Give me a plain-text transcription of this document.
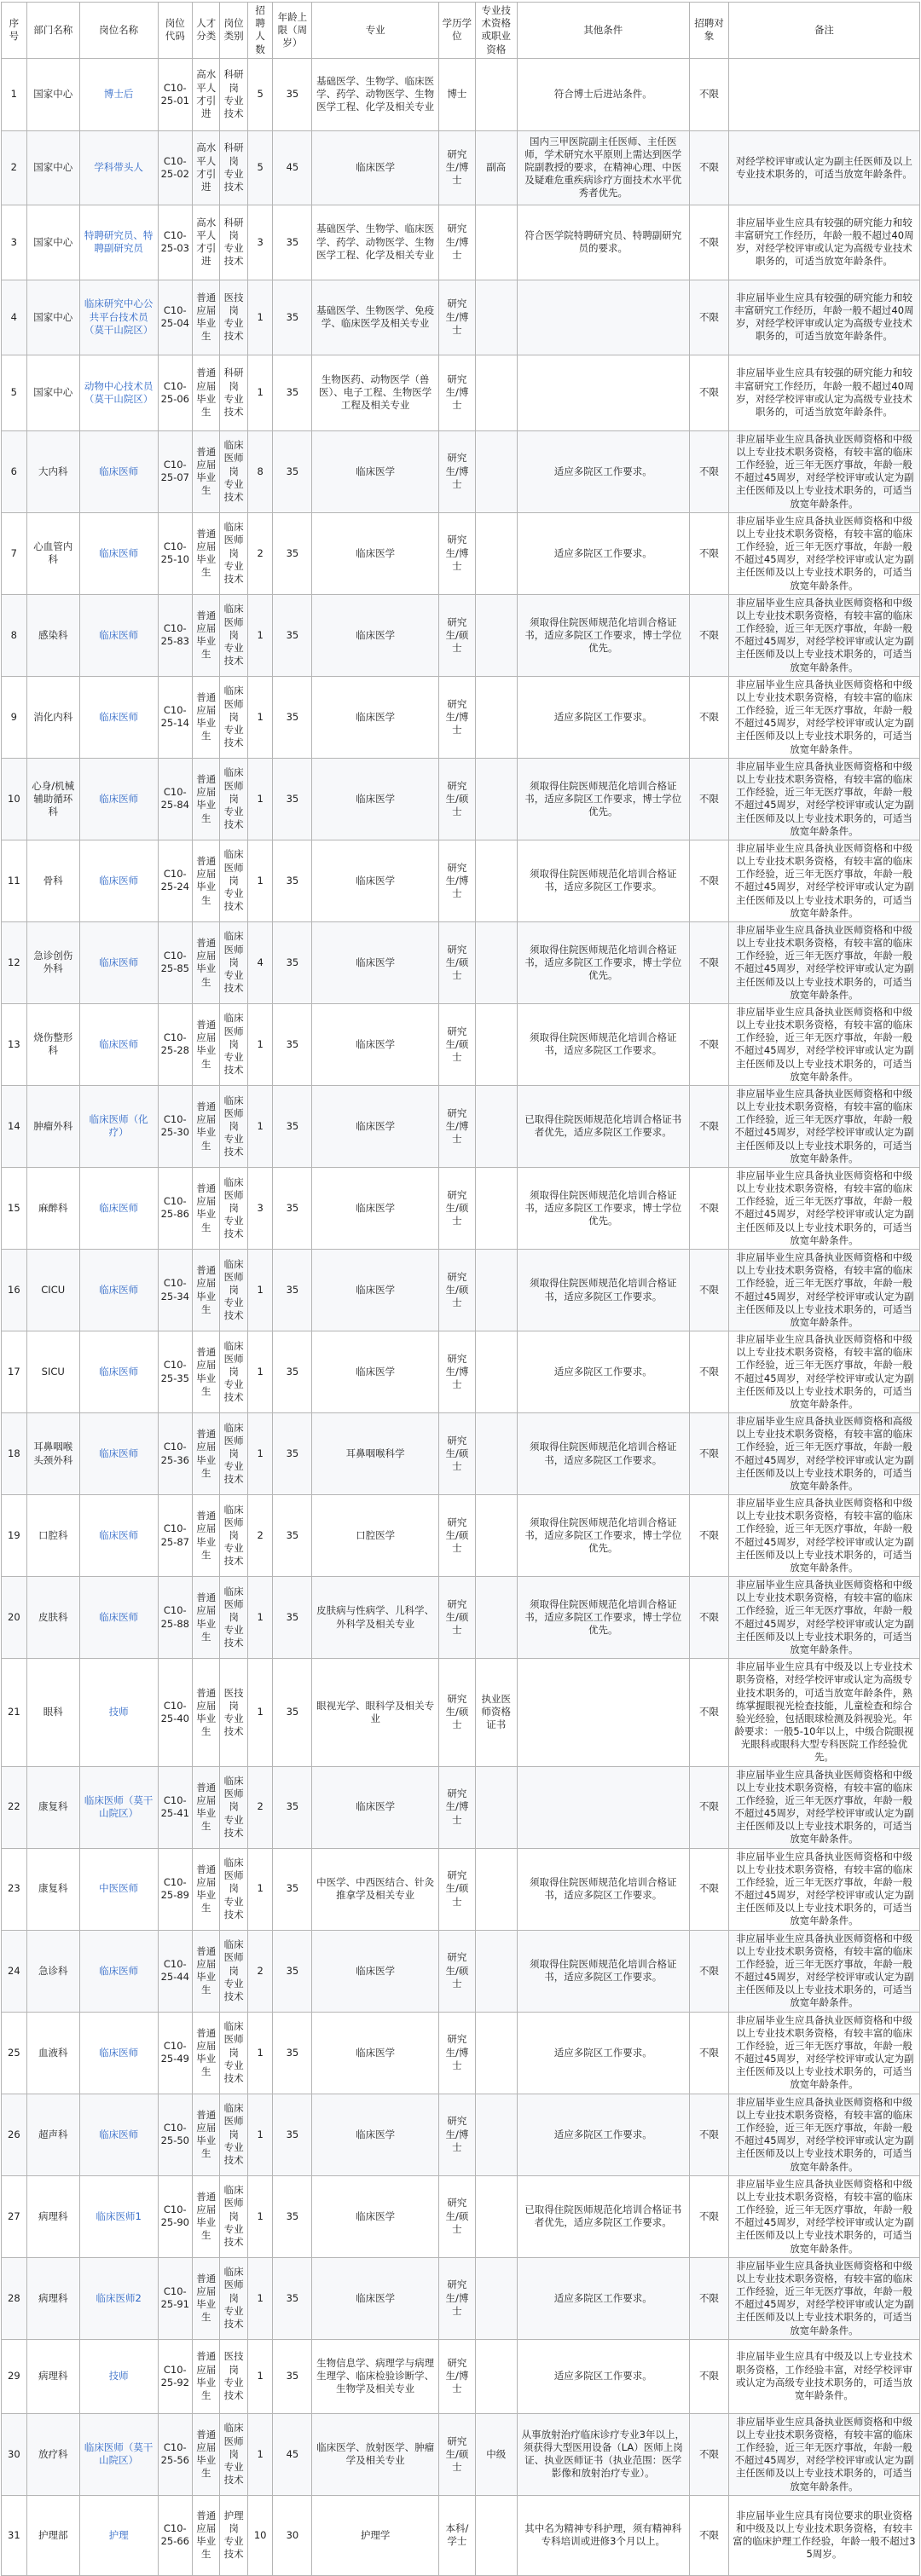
序号	部门名称	岗位名称	岗位代码	人才分类	岗位类别	招聘人数	年龄上限（周岁）	专业	学历学位	专业技术资格或职业资格	其他条件	招聘对象	备注
1	国家中心	博士后	C10-25-01	高水平人才引进	科研岗 专业技术	5	35	基础医学、生物学、临床医学、药学、动物医学、生物医学工程、化学及相关专业	博士		符合博士后进站条件。	不限	
2	国家中心	学科带头人	C10-25-02	高水平人才引进	科研岗 专业技术	5	45	临床医学	研究生/博士	副高	国内三甲医院副主任医师、主任医师，学术研究水平原则上需达到医学院副教授的要求，在精神心理、中医及疑难危重疾病诊疗方面技术水平优秀者优先。	不限	对经学校评审或认定为副主任医师及以上专业技术职务的，可适当放宽年龄条件。
3	国家中心	特聘研究员、特聘副研究员	C10-25-03	高水平人才引进	科研岗 专业技术	3	35	基础医学、生物学、临床医学、药学、动物医学、生物医学工程、化学及相关专业	研究生/博士		符合医学院特聘研究员、特聘副研究员的要求。	不限	非应届毕业生应具有较强的研究能力和较丰富研究工作经历，年龄一般不超过40周岁，对经学校评审或认定为高级专业技术职务的，可适当放宽年龄条件。
4	国家中心	临床研究中心公共平台技术员（莫干山院区）	C10-25-04	普通应届毕业生	医技岗 专业技术	1	35	基础医学、生物医学、免疫学、临床医学及相关专业	研究生/博士			不限	非应届毕业生应具有较强的研究能力和较丰富研究工作经历，年龄一般不超过40周岁，对经学校评审或认定为高级专业技术职务的，可适当放宽年龄条件。
5	国家中心	动物中心技术员（莫干山院区）	C10-25-06	普通应届毕业生	科研岗 专业技术	1	35	生物医药、动物医学（兽医）、电子工程、生物医学工程及相关专业	研究生/博士			不限	非应届毕业生应具有较强的研究能力和较丰富研究工作经历，年龄一般不超过40周岁，对经学校评审或认定为高级专业技术职务的，可适当放宽年龄条件。
6	大内科	临床医师	C10-25-07	普通应届毕业生	临床医师岗 专业技术	8	35	临床医学	研究生/博士		适应多院区工作要求。	不限	非应届毕业生应具备执业医师资格和中级以上专业技术职务资格，有较丰富的临床工作经验，近三年无医疗事故，年龄一般不超过45周岁，对经学校评审或认定为副主任医师及以上专业技术职务的，可适当放宽年龄条件。
7	心血管内科	临床医师	C10-25-10	普通应届毕业生	临床医师岗 专业技术	2	35	临床医学	研究生/博士		适应多院区工作要求。	不限	非应届毕业生应具备执业医师资格和中级以上专业技术职务资格，有较丰富的临床工作经验，近三年无医疗事故，年龄一般不超过45周岁，对经学校评审或认定为副主任医师及以上专业技术职务的，可适当放宽年龄条件。
8	感染科	临床医师	C10-25-83	普通应届毕业生	临床医师岗 专业技术	1	35	临床医学	研究生/硕士		须取得住院医师规范化培训合格证书，适应多院区工作要求，博士学位优先。	不限	非应届毕业生应具备执业医师资格和中级以上专业技术职务资格，有较丰富的临床工作经验，近三年无医疗事故，年龄一般不超过45周岁，对经学校评审或认定为副主任医师及以上专业技术职务的，可适当放宽年龄条件。
9	消化内科	临床医师	C10-25-14	普通应届毕业生	临床医师岗 专业技术	1	35	临床医学	研究生/博士		适应多院区工作要求。	不限	非应届毕业生应具备执业医师资格和中级以上专业技术职务资格，有较丰富的临床工作经验，近三年无医疗事故，年龄一般不超过45周岁，对经学校评审或认定为副主任医师及以上专业技术职务的，可适当放宽年龄条件。
10	心身/机械辅助循环科	临床医师	C10-25-84	普通应届毕业生	临床医师岗 专业技术	1	35	临床医学	研究生/硕士		须取得住院医师规范化培训合格证书，适应多院区工作要求，博士学位优先。	不限	非应届毕业生应具备执业医师资格和中级以上专业技术职务资格，有较丰富的临床工作经验，近三年无医疗事故，年龄一般不超过45周岁，对经学校评审或认定为副主任医师及以上专业技术职务的，可适当放宽年龄条件。
11	骨科	临床医师	C10-25-24	普通应届毕业生	临床医师岗 专业技术	1	35	临床医学	研究生/博士		须取得住院医师规范化培训合格证书，适应多院区工作要求。	不限	非应届毕业生应具备执业医师资格和中级以上专业技术职务资格，有较丰富的临床工作经验，近三年无医疗事故，年龄一般不超过45周岁，对经学校评审或认定为副主任医师及以上专业技术职务的，可适当放宽年龄条件。
12	急诊创伤外科	临床医师	C10-25-85	普通应届毕业生	临床医师岗 专业技术	4	35	临床医学	研究生/硕士		须取得住院医师规范化培训合格证书，适应多院区工作要求，博士学位优先。	不限	非应届毕业生应具备执业医师资格和中级以上专业技术职务资格，有较丰富的临床工作经验，近三年无医疗事故，年龄一般不超过45周岁，对经学校评审或认定为副主任医师及以上专业技术职务的，可适当放宽年龄条件。
13	烧伤整形科	临床医师	C10-25-28	普通应届毕业生	临床医师岗 专业技术	1	35	临床医学	研究生/硕士		须取得住院医师规范化培训合格证书，适应多院区工作要求。	不限	非应届毕业生应具备执业医师资格和中级以上专业技术职务资格，有较丰富的临床工作经验，近三年无医疗事故，年龄一般不超过45周岁，对经学校评审或认定为副主任医师及以上专业技术职务的，可适当放宽年龄条件。
14	肿瘤外科	临床医师（化疗）	C10-25-30	普通应届毕业生	临床医师岗 专业技术	1	35	临床医学	研究生/博士		已取得住院医师规范化培训合格证书者优先，适应多院区工作要求。	不限	非应届毕业生应具备执业医师资格和中级以上专业技术职务资格，有较丰富的临床工作经验，近三年无医疗事故，年龄一般不超过45周岁，对经学校评审或认定为副主任医师及以上专业技术职务的，可适当放宽年龄条件。
15	麻醉科	临床医师	C10-25-86	普通应届毕业生	临床医师岗 专业技术	3	35	临床医学	研究生/硕士		须取得住院医师规范化培训合格证书，适应多院区工作要求，博士学位优先。	不限	非应届毕业生应具备执业医师资格和中级以上专业技术职务资格，有较丰富的临床工作经验，近三年无医疗事故，年龄一般不超过45周岁，对经学校评审或认定为副主任医师及以上专业技术职务的，可适当放宽年龄条件。
16	CICU	临床医师	C10-25-34	普通应届毕业生	临床医师岗 专业技术	1	35	临床医学	研究生/硕士		须取得住院医师规范化培训合格证书，适应多院区工作要求。	不限	非应届毕业生应具备执业医师资格和中级以上专业技术职务资格，有较丰富的临床工作经验，近三年无医疗事故，年龄一般不超过45周岁，对经学校评审或认定为副主任医师及以上专业技术职务的，可适当放宽年龄条件。
17	SICU	临床医师	C10-25-35	普通应届毕业生	临床医师岗 专业技术	1	35	临床医学	研究生/博士		适应多院区工作要求。	不限	非应届毕业生应具备执业医师资格和中级以上专业技术职务资格，有较丰富的临床工作经验，近三年无医疗事故，年龄一般不超过45周岁，对经学校评审或认定为副主任医师及以上专业技术职务的，可适当放宽年龄条件。
18	耳鼻咽喉头颈外科	临床医师	C10-25-36	普通应届毕业生	临床医师岗 专业技术	1	35	耳鼻咽喉科学	研究生/硕士		须取得住院医师规范化培训合格证书，适应多院区工作要求。	不限	非应届毕业生应具备执业医师资格和高级以上专业技术职务资格，有较丰富的临床工作经验，近三年无医疗事故，年龄一般不超过45周岁，对经学校评审或认定为副主任医师及以上专业技术职务的，可适当放宽年龄条件。
19	口腔科	临床医师	C10-25-87	普通应届毕业生	临床医师岗 专业技术	2	35	口腔医学	研究生/硕士		须取得住院医师规范化培训合格证书，适应多院区工作要求，博士学位优先。	不限	非应届毕业生应具备执业医师资格和中级以上专业技术职务资格，有较丰富的临床工作经验，近三年无医疗事故，年龄一般不超过45周岁，对经学校评审或认定为副主任医师及以上专业技术职务的，可适当放宽年龄条件。
20	皮肤科	临床医师	C10-25-88	普通应届毕业生	临床医师岗 专业技术	1	35	皮肤病与性病学、儿科学、外科学及相关专业	研究生/硕士		须取得住院医师规范化培训合格证书，适应多院区工作要求，博士学位优先。	不限	非应届毕业生应具备执业医师资格和中级以上专业技术职务资格，有较丰富的临床工作经验，近三年无医疗事故，年龄一般不超过45周岁，对经学校评审或认定为副主任医师及以上专业技术职务的，可适当放宽年龄条件。
21	眼科	技师	C10-25-40	普通应届毕业生	医技岗 专业技术	1	35	眼视光学、眼科学及相关专业	研究生/硕士	执业医师资格证书		不限	非应届毕业生应具有中级及以上专业技术职务资格，对经学校评审或认定为高级专业技术职务的，可适当放宽年龄条件，熟练掌握眼视光检查技能，儿童检查和综合验光经验，包括眼球检测及斜视验光。年龄要求：一般5-10年以上，中级合院眼视光眼科或眼科大型专科医院工作经验优先。
22	康复科	临床医师（莫干山院区）	C10-25-41	普通应届毕业生	临床医师岗 专业技术	2	35	临床医学	研究生/博士			不限	非应届毕业生应具备执业医师资格和中级以上专业技术职务资格，有较丰富的临床工作经验，近三年无医疗事故，年龄一般不超过45周岁，对经学校评审或认定为副主任医师及以上专业技术职务的，可适当放宽年龄条件。
23	康复科	中医医师	C10-25-89	普通应届毕业生	临床医师岗 专业技术	1	35	中医学、中西医结合、针灸推拿学及相关专业	研究生/硕士		须取得住院医师规范化培训合格证书，适应多院区工作要求。	不限	非应届毕业生应具备执业医师资格和中级以上专业技术职务资格，有较丰富的临床工作经验，近三年无医疗事故，年龄一般不超过45周岁，对经学校评审或认定为副主任医师及以上专业技术职务的，可适当放宽年龄条件。
24	急诊科	临床医师	C10-25-44	普通应届毕业生	临床医师岗 专业技术	2	35	临床医学	研究生/硕士		须取得住院医师规范化培训合格证书，适应多院区工作要求。	不限	非应届毕业生应具备执业医师资格和中级以上专业技术职务资格，有较丰富的临床工作经验，近三年无医疗事故，年龄一般不超过45周岁，对经学校评审或认定为副主任医师及以上专业技术职务的，可适当放宽年龄条件。
25	血液科	临床医师	C10-25-49	普通应届毕业生	临床医师岗 专业技术	1	35	临床医学	研究生/博士		适应多院区工作要求。	不限	非应届毕业生应具备执业医师资格和中级以上专业技术职务资格，有较丰富的临床工作经验，近三年无医疗事故，年龄一般不超过45周岁，对经学校评审或认定为副主任医师及以上专业技术职务的，可适当放宽年龄条件。
26	超声科	临床医师	C10-25-50	普通应届毕业生	临床医师岗 专业技术	1	35	临床医学	研究生/博士		适应多院区工作要求。	不限	非应届毕业生应具备执业医师资格和中级以上专业技术职务资格，有较丰富的临床工作经验，近三年无医疗事故，年龄一般不超过45周岁，对经学校评审或认定为副主任医师及以上专业技术职务的，可适当放宽年龄条件。
27	病理科	临床医师1	C10-25-90	普通应届毕业生	临床医师岗 专业技术	1	35	临床医学	研究生/硕士		已取得住院医师规范化培训合格证书者优先，适应多院区工作要求。	不限	非应届毕业生应具备执业医师资格和中级以上专业技术职务资格，有较丰富的临床工作经验，近三年无医疗事故，年龄一般不超过45周岁，对经学校评审或认定为副主任医师及以上专业技术职务的，可适当放宽年龄条件。
28	病理科	临床医师2	C10-25-91	普通应届毕业生	临床医师岗 专业技术	1	35	临床医学	研究生/博士		适应多院区工作要求。	不限	非应届毕业生应具备执业医师资格和中级以上专业技术职务资格，有较丰富的临床工作经验，近三年无医疗事故，年龄一般不超过45周岁，对经学校评审或认定为副主任医师及以上专业技术职务的，可适当放宽年龄条件。
29	病理科	技师	C10-25-92	普通应届毕业生	医技岗 专业技术	1	35	生物信息学、病理学与病理生理学、临床检验诊断学、生物学及相关专业	研究生/博士		适应多院区工作要求。	不限	非应届毕业生应具有中级及以上专业技术职务资格，工作经验丰富，对经学校评审或认定为高级专业技术职务的，可适当放宽年龄条件。
30	放疗科	临床医师（莫干山院区）	C10-25-56	普通应届毕业生	临床医师岗 专业技术	1	45	临床医学、放射医学、肿瘤学及相关专业	研究生/硕士	中级	从事放射治疗临床诊疗专业3年以上，须获得大型医用设备（LA）医师上岗证、执业医师证书（执业范围：医学影像和放射治疗专业）。	不限	非应届毕业生应具备执业医师资格和中级以上专业技术职务资格，有较丰富的临床工作经验，近三年无医疗事故，年龄一般不超过45周岁，对经学校评审或认定为副主任医师及以上专业技术职务的，可适当放宽年龄条件。
31	护理部	护理	C10-25-66	普通应届毕业生	护理岗 专业技术	10	30	护理学	本科/学士		其中名为精神专科护理，须有精神科专科培训或进修3个月以上。	不限	非应届毕业生应具有岗位要求的职业资格和中级及以上专业技术职务资格，有较丰富的临床护理工作经验，年龄一般不超过35周岁。
